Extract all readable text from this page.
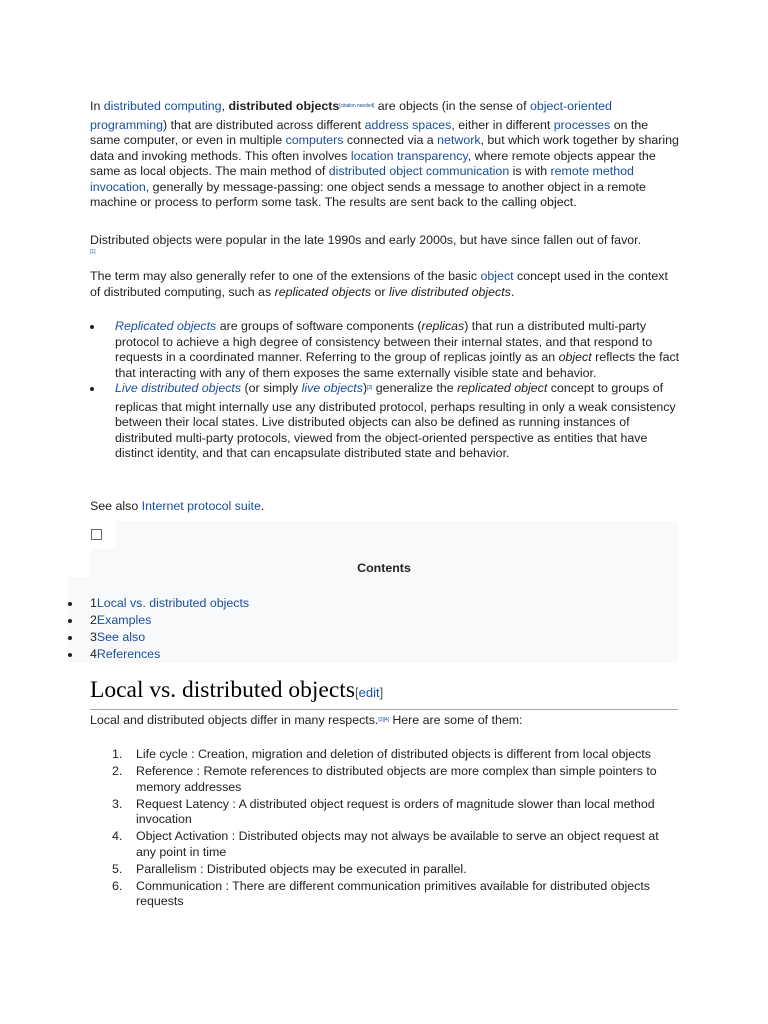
In distributed computing, distributed objects[citation needed] are objects (in the sense of object-oriented programming) that are distributed across different address spaces, either in different processes on the same computer, or even in multiple computers connected via a network, but which work together by sharing data and invoking methods. This often involves location transparency, where remote objects appear the same as local objects. The main method of distributed object communication is with remote method invocation, generally by message-passing: one object sends a message to another object in a remote machine or process to perform some task. The results are sent back to the calling object.

Distributed objects were popular in the late 1990s and early 2000s, but have since fallen out of favor.
[1]

The term may also generally refer to one of the extensions of the basic object concept used in the context of distributed computing, such as replicated objects or live distributed objects.

Replicated objects are groups of software components (replicas) that run a distributed multi-party protocol to achieve a high degree of consistency between their internal states, and that respond to requests in a coordinated manner. Referring to the group of replicas jointly as an object reflects the fact that interacting with any of them exposes the same externally visible state and behavior.
Live distributed objects (or simply live objects)[2] generalize the replicated object concept to groups of replicas that might internally use any distributed protocol, perhaps resulting in only a weak consistency between their local states. Live distributed objects can also be defined as running instances of distributed multi-party protocols, viewed from the object-oriented perspective as entities that have distinct identity, and that can encapsulate distributed state and behavior.

See also Internet protocol suite.

Contents
1Local vs. distributed objects
2Examples
3See also
4References
Local vs. distributed objects[edit]

Local and distributed objects differ in many respects.[3][4] Here are some of them:

1. Life cycle : Creation, migration and deletion of distributed objects is different from local objects
2. Reference : Remote references to distributed objects are more complex than simple pointers to memory addresses
3. Request Latency : A distributed object request is orders of magnitude slower than local method invocation
4. Object Activation : Distributed objects may not always be available to serve an object request at any point in time
5. Parallelism : Distributed objects may be executed in parallel.
6. Communication : There are different communication primitives available for distributed objects requests
